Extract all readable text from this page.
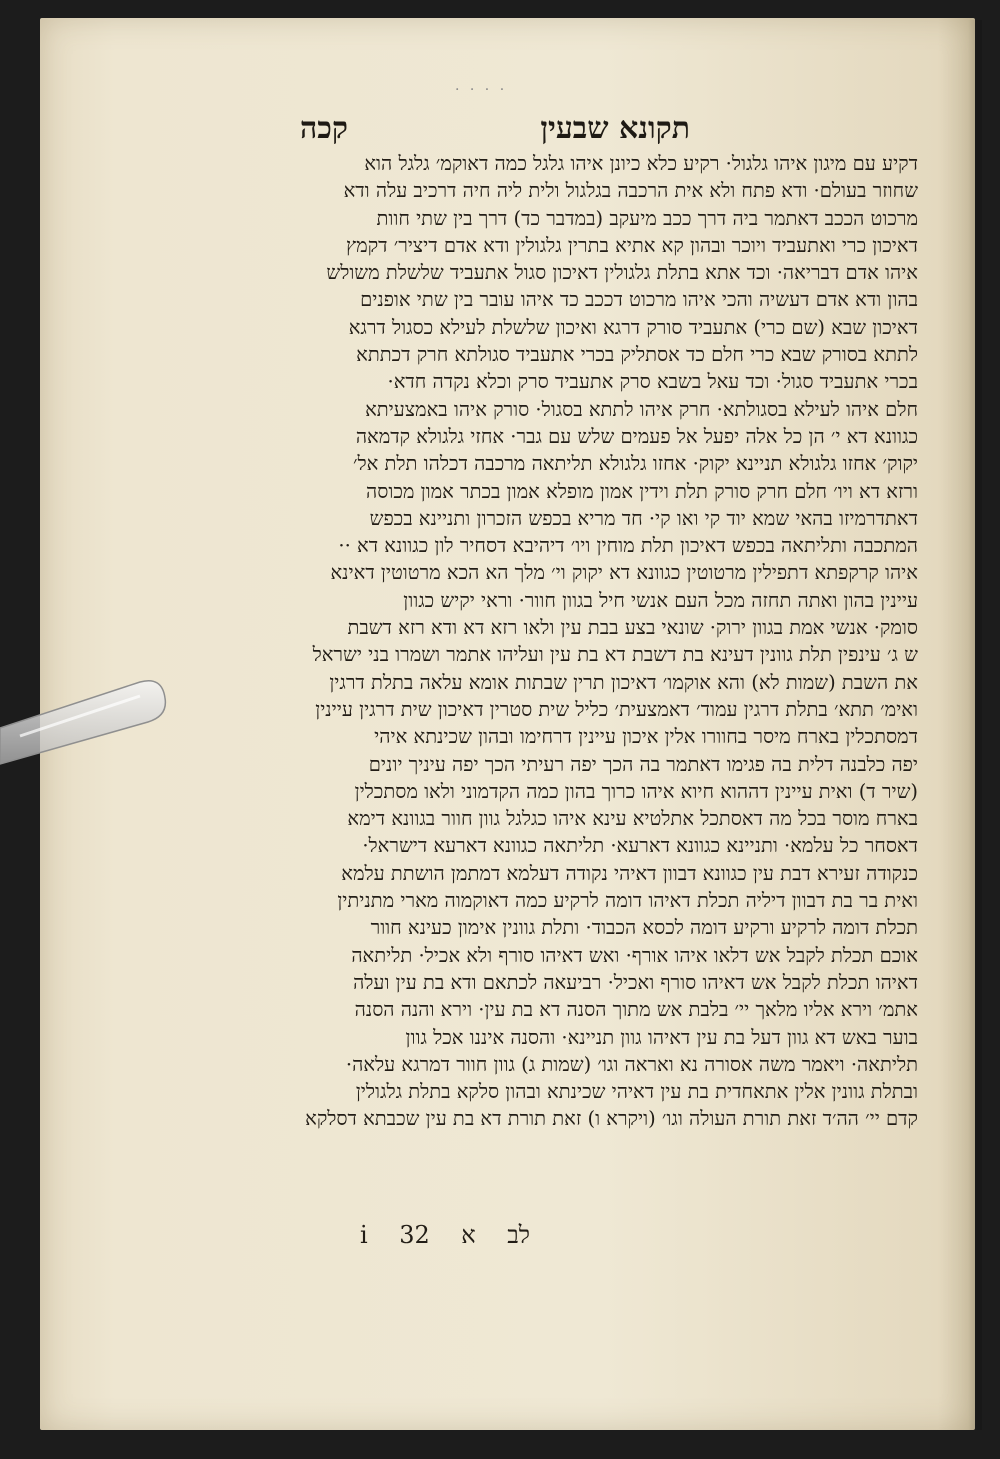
· · · ·
תקונא שבעין
קכה
דקיע עם מיגון איהו גלגול· רקיע כלא כיונן איהו גלגל כמה דאוקמ׳ גלגל הוא
שחוזר בעולם· ודא פתח ולא אית הרכבה בגלגול ולית ליה חיה דרכיב עלה ודא
מרכוט הככב דאתמר ביה דרך ככב מיעקב (במדבר כד) דרך בין שתי חוות
דאיכון כרי ואתעביד ויוכר ובהון קא אתיא בתרין גלגולין ודא אדם דיציר׳ דקמץ
איהו אדם דבריאה· וכד אתא בתלת גלגולין דאיכון סגול אתעביד שלשלת משולש
בהון ודא אדם דעשיה והכי איהו מרכוט דככב כד איהו עובר בין שתי אופנים
דאיכון שבא (שם כרי) אתעביד סורק דרגא ואיכון שלשלת לעילא כסגול דרגא
לתתא בסורק שבא כרי חלם כד אסתליק בכרי אתעביד סגולתא חרק דכתתא
בכרי אתעביד סגול· וכד עאל בשבא סרק אתעביד סרק וכלא נקדה חדא·
חלם איהו לעילא בסגולתא· חרק איהו לתתא בסגול· סורק איהו באמצעיתא
כגוונא דא י׳ הן כל אלה יפעל אל פעמים שלש עם גבר· אחזי גלגולא קדמאה
יקוק׳ אחזו גלגולא תניינא יקוק· אחזו גלגולא תליתאה מרכבה דכלהו תלת אל׳
ורזא דא ויו׳ חלם חרק סורק תלת וידין אמון מופלא אמון בכתר אמון מכוסה
דאתדרמיזו בהאי שמא יוד קי ואו קי· חד מריא בכפש הזכרון ותניינא בכפש
המתכבה ותליתאה בכפש דאיכון תלת מוחין ויו׳ דיהיבא דסחיר לון כגוונא דא ··
איהו קרקפתא דתפילין מרטוטין כגוונא דא יקוק וי׳ מלך הא הכא מרטוטין דאינא
עיינין בהון ואתה תחזה מכל העם אנשי חיל בגוון חוור· וראי יקיש כגוון
סומק· אנשי אמת בגוון ירוק· שונאי בצע בבת עין ולאו רזא דא ודא רזא דשבת
ש ג׳ עינפין תלת גוונין דעינא בת דשבת דא בת עין ועליהו אתמר ושמרו בני ישראל
את השבת (שמות לא) והא אוקמו׳ דאיכון תרין שבתות אומא עלאה בתלת דרגין
ואימ׳ תתא׳ בתלת דרגין עמוד׳ דאמצעית׳ כליל שית סטרין דאיכון שית דרגין עיינין
דמסתכלין בארח מיסר בחוורו אלין איכון עיינין דרחימו ובהון שכינתא איהי
יפה כלבנה דלית בה פגימו דאתמר בה הכך יפה רעיתי הכך יפה עיניך יונים
(שיר ד) ואית עיינין דההוא חיוא איהו כרוך בהון כמה הקדמוני ולאו מסתכלין
בארח מוסר בכל מה דאסתכל אתלטיא עינא איהו כגלגל גוון חוור בגוונא דימא
דאסחר כל עלמא· ותניינא כגוונא דארעא· תליתאה כגוונא דארעא דישראל·
כנקודה זעירא דבת עין כגוונא דבוון דאיהי נקודה דעלמא דמתמן הושתת עלמא
ואית בר בת דבוון דיליה תכלת דאיהו דומה לרקיע כמה דאוקמוה מארי מתניתין
תכלת דומה לרקיע ורקיע דומה לכסא הכבוד· ותלת גוונין אימון כעינא חוור
אוכם תכלת לקבל אש דלאו איהו אורף· ואש דאיהו סורף ולא אכיל· תליתאה
דאיהו תכלת לקבל אש דאיהו סורף ואכיל· רביעאה לכתאם ודא בת עין ועלה
אתמ׳ וירא אליו מלאך יי׳ בלבת אש מתוך הסנה דא בת עין· וירא והנה הסנה
בוער באש דא גוון דעל בת עין דאיהו גוון תניינא· והסנה איננו אכל גוון
תליתאה· ויאמר משה אסורה נא ואראה וגו׳ (שמות ג) גוון חוור דמרגא עלאה·
ובתלת גוונין אלין אתאחדית בת עין דאיהי שכינתא ובהון סלקא בתלת גלגולין
קדם יי׳ הה׳ד זאת תורת העולה וגו׳ (ויקרא ו) זאת תורת דא בת עין שכבתא דסלקא
לב
א
32
i
